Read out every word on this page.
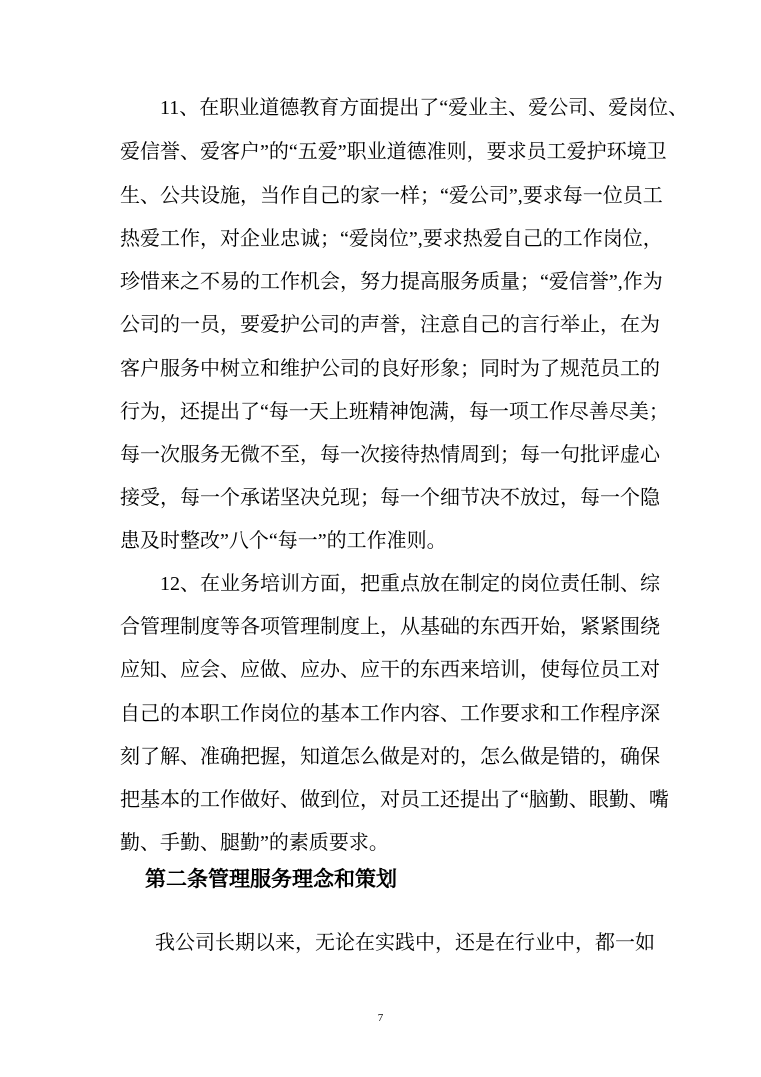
11、在职业道德教育方面提出了“爱业主、爱公司、爱岗位、
爱信誉、爱客户”的“五爱”职业道德准则，要求员工爱护环境卫
生、公共设施，当作自己的家一样；“爱公司”,要求每一位员工
热爱工作，对企业忠诚；“爱岗位”,要求热爱自己的工作岗位，
珍惜来之不易的工作机会，努力提高服务质量；“爱信誉”,作为
公司的一员，要爱护公司的声誉，注意自己的言行举止，在为
客户服务中树立和维护公司的良好形象；同时为了规范员工的
行为，还提出了“每一天上班精神饱满，每一项工作尽善尽美；
每一次服务无微不至，每一次接待热情周到；每一句批评虚心
接受，每一个承诺坚决兑现；每一个细节决不放过，每一个隐
患及时整改”八个“每一”的工作准则。
12、在业务培训方面，把重点放在制定的岗位责任制、综
合管理制度等各项管理制度上，从基础的东西开始，紧紧围绕
应知、应会、应做、应办、应干的东西来培训，使每位员工对
自己的本职工作岗位的基本工作内容、工作要求和工作程序深
刻了解、准确把握，知道怎么做是对的，怎么做是错的，确保
把基本的工作做好、做到位，对员工还提出了“脑勤、眼勤、嘴
勤、手勤、腿勤”的素质要求。
第二条管理服务理念和策划
我公司长期以来，无论在实践中，还是在行业中，都一如
7
